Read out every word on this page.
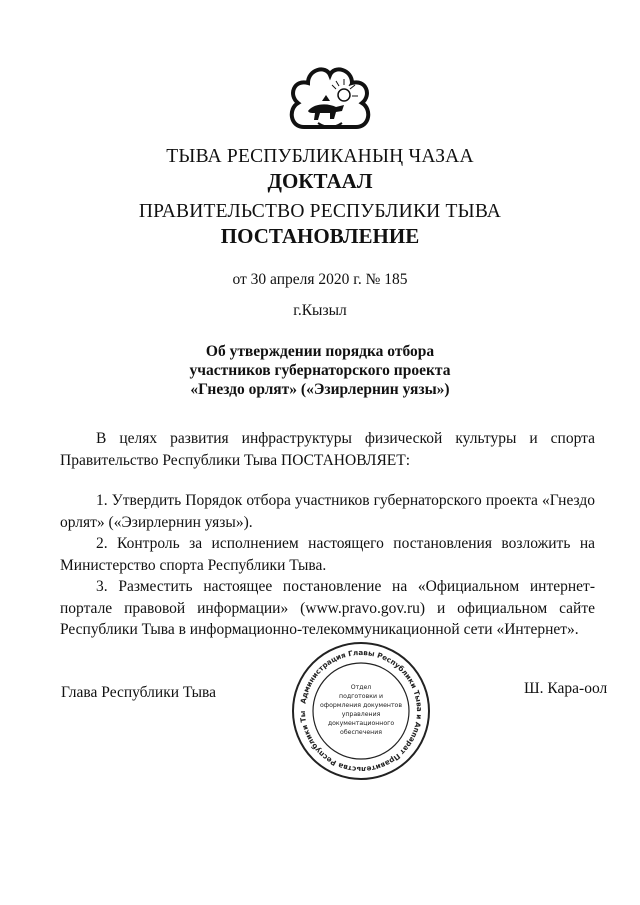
ТЫВА РЕСПУБЛИКАНЫҢ ЧАЗАА
ДОКТААЛ
ПРАВИТЕЛЬСТВО РЕСПУБЛИКИ ТЫВА
ПОСТАНОВЛЕНИЕ
от 30 апреля 2020 г. № 185
г.Кызыл
Об утверждении порядка отбора
участников губернаторского проекта
«Гнездо орлят» («Эзирлернин уязы»)

В целях развития инфраструктуры физической культуры и спорта Правительство Республики Тыва ПОСТАНОВЛЯЕТ:

1. Утвердить Порядок отбора участников губернаторского проекта «Гнездо орлят» («Эзирлернин уязы»).

2. Контроль за исполнением настоящего постановления возложить на Министерство спорта Республики Тыва.

3. Разместить настоящее постановление на «Официальном интернет-портале правовой информации» (www.pravo.gov.ru) и официальном сайте Республики Тыва в информационно-телекоммуникационной сети «Интернет».

Глава Республики Тыва	Ш. Кара-оол
Администрация Главы Республики Тыва и Аппарат Правительства Республики Ты
Отдел
подготовки и
оформления документов
управления
документационного
обеспечения
